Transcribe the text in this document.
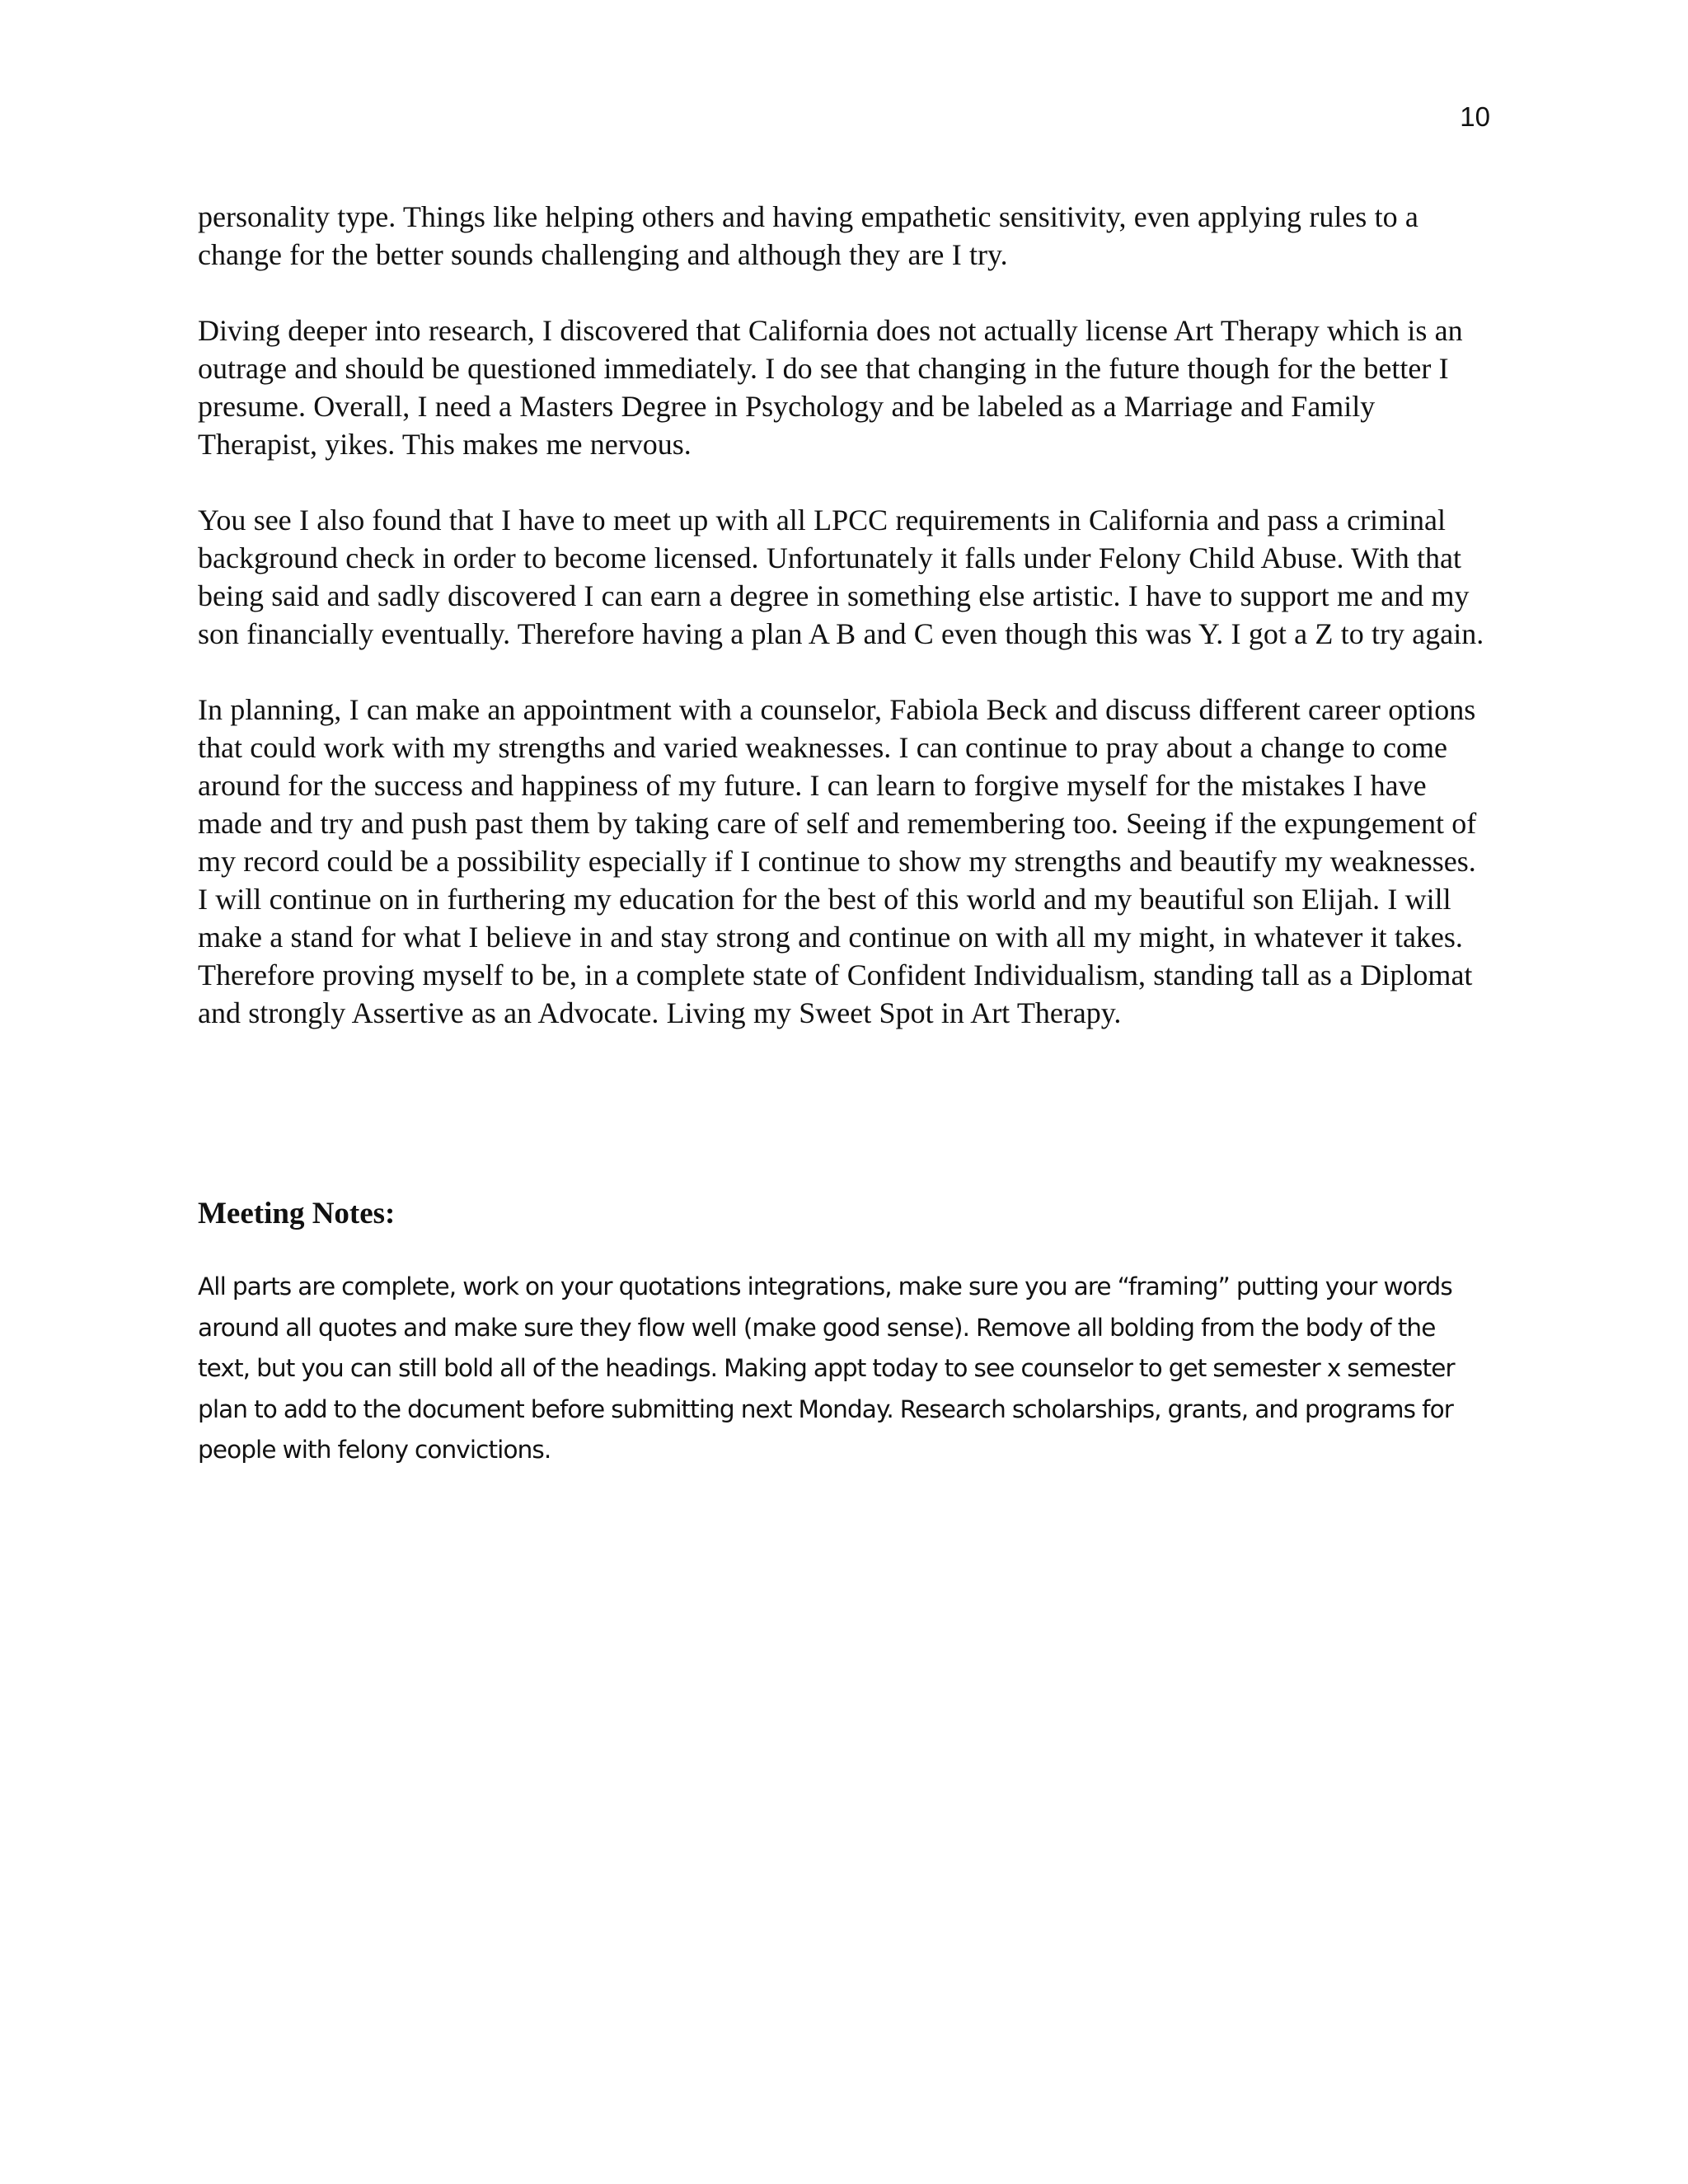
10

personality type. Things like helping others and having empathetic sensitivity, even applying rules to a change for the better sounds challenging and although they are I try.

Diving deeper into research, I discovered that California does not actually license Art Therapy which is an outrage and should be questioned immediately. I do see that changing in the future though for the better I presume. Overall, I need a Masters Degree in Psychology and be labeled as a Marriage and Family Therapist, yikes. This makes me nervous.

You see I also found that I have to meet up with all LPCC requirements in California and pass a criminal background check in order to become licensed. Unfortunately it falls under Felony Child Abuse. With that being said and sadly discovered I can earn a degree in something else artistic. I have to support me and my son financially eventually. Therefore having a plan A B and C even though this was Y. I got a Z to try again.

In planning, I can make an appointment with a counselor, Fabiola Beck and discuss different career options that could work with my strengths and varied weaknesses. I can continue to pray about a change to come around for the success and happiness of my future. I can learn to forgive myself for the mistakes I have made and try and push past them by taking care of self and remembering too. Seeing if the expungement of my record could be a possibility especially if I continue to show my strengths and beautify my weaknesses. I will continue on in furthering my education for the best of this world and my beautiful son Elijah. I will make a stand for what I believe in and stay strong and continue on with all my might, in whatever it takes. Therefore proving myself to be, in a complete state of Confident Individualism, standing tall as a Diplomat and strongly Assertive as an Advocate. Living my Sweet Spot in Art Therapy.

Meeting Notes:

All parts are complete, work on your quotations integrations, make sure you are “framing” putting your words around all quotes and make sure they flow well (make good sense). Remove all bolding from the body of the text, but you can still bold all of the headings. Making appt today to see counselor to get semester x semester plan to add to the document before submitting next Monday. Research scholarships, grants, and programs for people with felony convictions.
